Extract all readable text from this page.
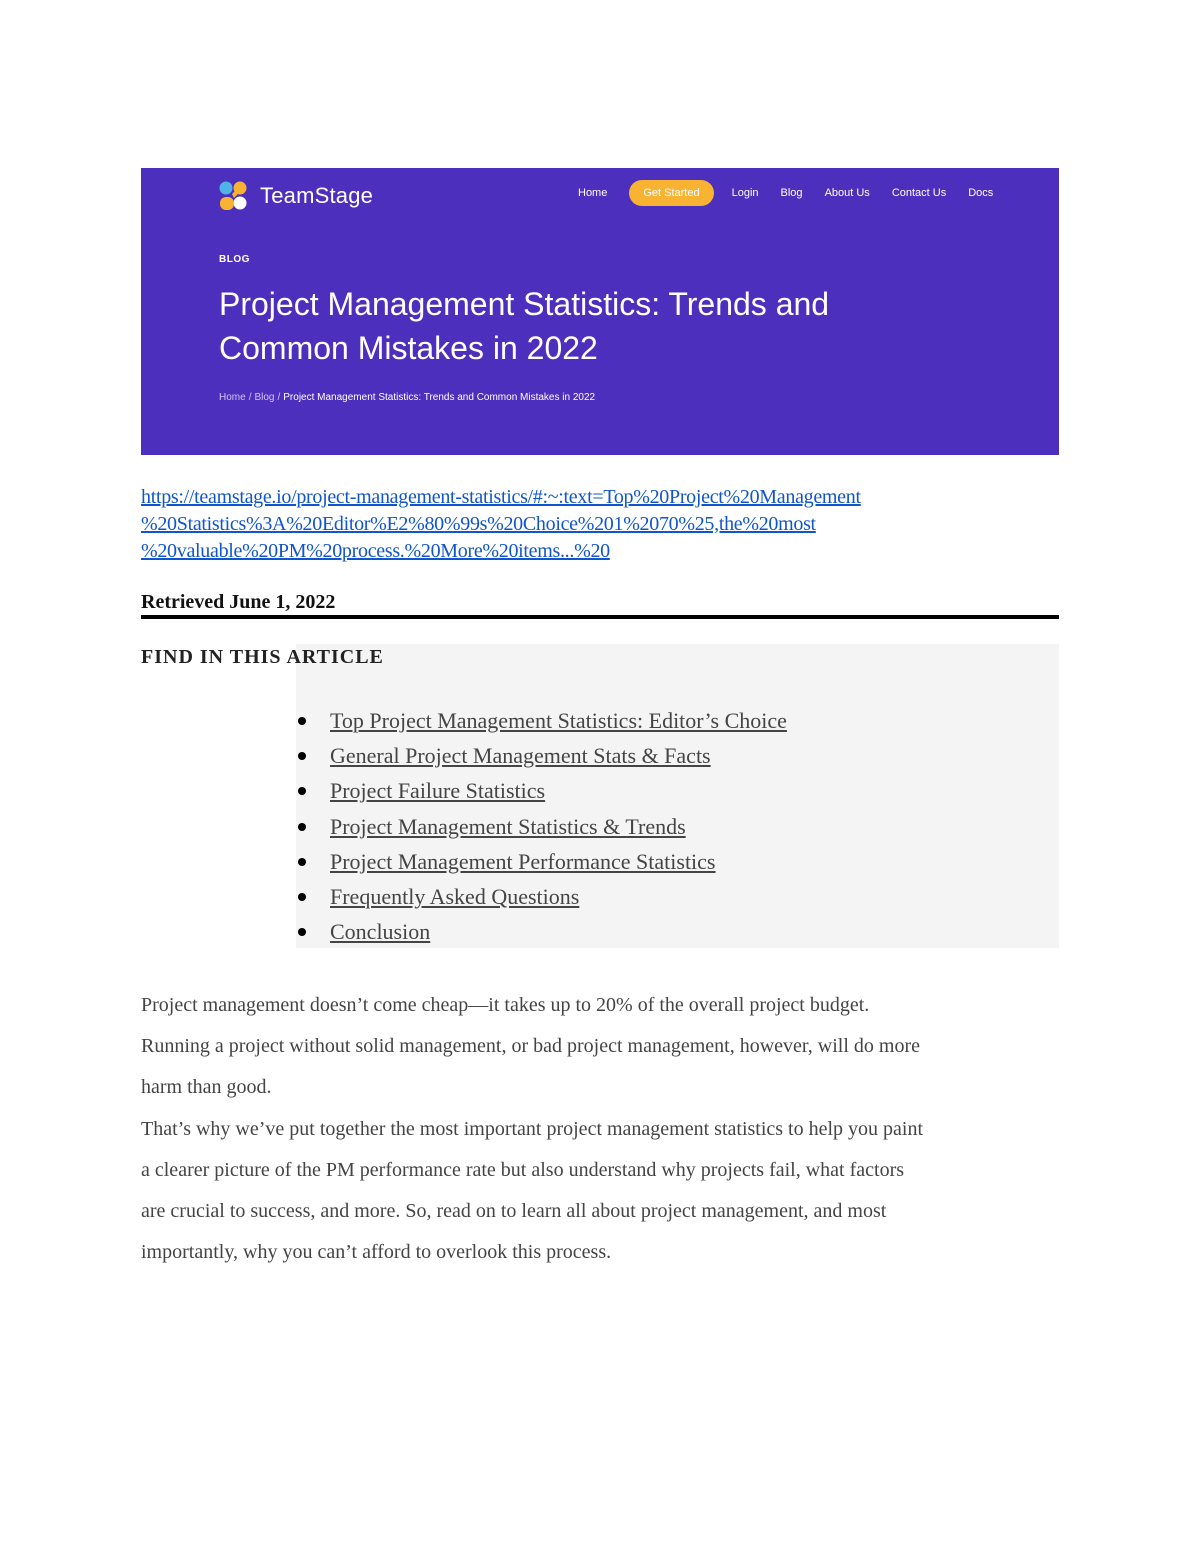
TeamStage	Home	Get Started	Login Blog About Us Contact Us Docs
BLOG
Project Management Statistics: Trends and
Common Mistakes in 2022
Home / Blog / Project Management Statistics: Trends and Common Mistakes in 2022
https://teamstage.io/project-management-statistics/#:~:text=Top%20Project%20Management
%20Statistics%3A%20Editor%E2%80%99s%20Choice%201%2070%25,the%20most
%20valuable%20PM%20process.%20More%20items...%20
Retrieved June 1, 2022
FIND IN THIS ARTICLE
Top Project Management Statistics: Editor’s Choice
General Project Management Stats & Facts
Project Failure Statistics
Project Management Statistics & Trends
Project Management Performance Statistics
Frequently Asked Questions
Conclusion
Project management doesn’t come cheap—it takes up to 20% of the overall project budget.
Running a project without solid management, or bad project management, however, will do more
harm than good.
That’s why we’ve put together the most important project management statistics to help you paint
a clearer picture of the PM performance rate but also understand why projects fail, what factors
are crucial to success, and more. So, read on to learn all about project management, and most
importantly, why you can’t afford to overlook this process.
